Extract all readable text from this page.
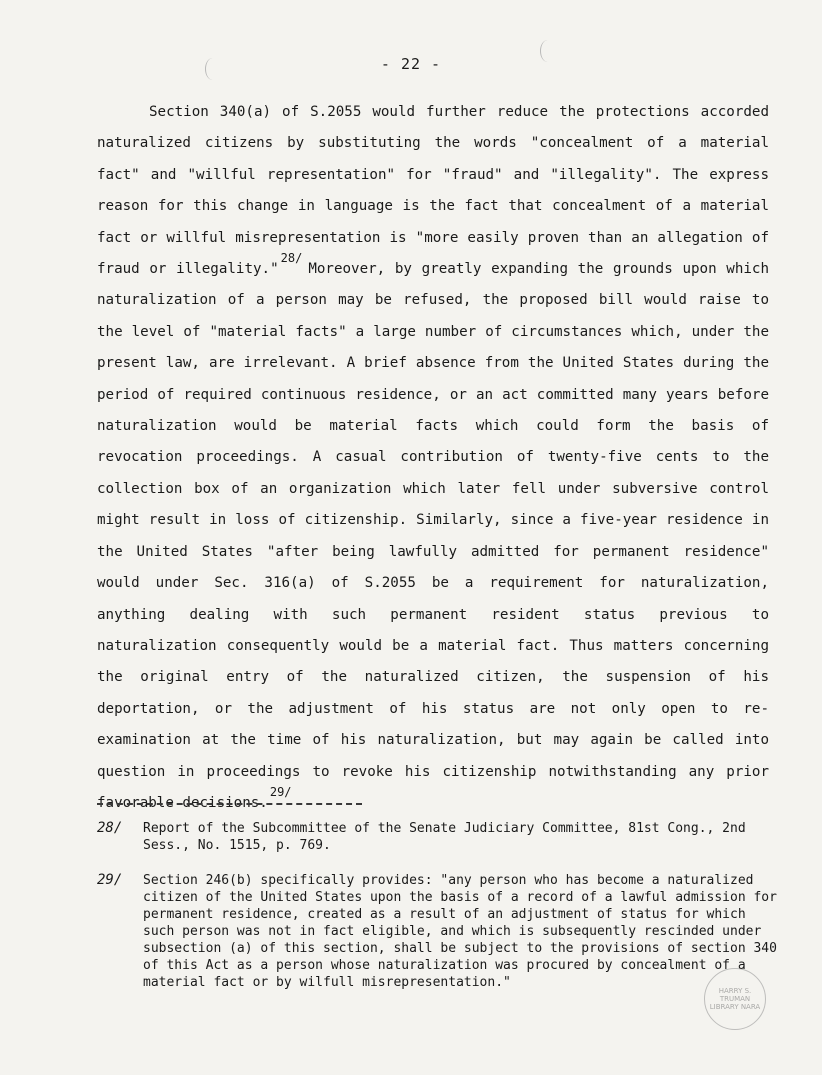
- 22 -

Section 340(a) of S.2055 would further reduce the protections accorded naturalized citizens by substituting the words "concealment of a material fact" and "willful representation" for "fraud" and "illegality". The express reason for this change in language is the fact that concealment of a material fact or willful misrepresentation is "more easily proven than an allegation of fraud or illegality."$^{28/}$Moreover, by greatly expanding the grounds upon which naturalization of a person may be refused, the proposed bill would raise to the level of "material facts" a large number of circumstances which, under the present law, are irrelevant. A brief absence from the United States during the period of required continuous residence, or an act committed many years before naturalization would be material facts which could form the basis of revocation proceedings. A casual contribution of twenty-five cents to the collection box of an organization which later fell under subversive control might result in loss of citizenship. Similarly, since a five-year residence in the United States "after being lawfully admitted for permanent residence" would under Sec. 316(a) of S.2055 be a requirement for naturalization, anything dealing with such permanent resident status previous to naturalization consequently would be a material fact. Thus matters concerning the original entry of the naturalized citizen, the suspension of his deportation, or the adjustment of his status are not only open to re-examination at the time of his naturalization, but may again be called into question in proceedings to revoke his citizenship notwithstanding any prior favorable decisions.$^{29/}$

28/	Report of the Subcommittee of the Senate Judiciary Committee, 81st Cong., 2nd Sess., No. 1515, p. 769.
29/	Section 246(b) specifically provides: "any person who has become a naturalized citizen of the United States upon the basis of a record of a lawful admission for permanent residence, created as a result of an adjustment of status for which such person was not in fact eligible, and which is subsequently rescinded under subsection (a) of this section, shall be subject to the provisions of section 340 of this Act as a person whose naturalization was procured by concealment of a material fact or by wilfull misrepresentation."
HARRY S. TRUMAN LIBRARY NARA
